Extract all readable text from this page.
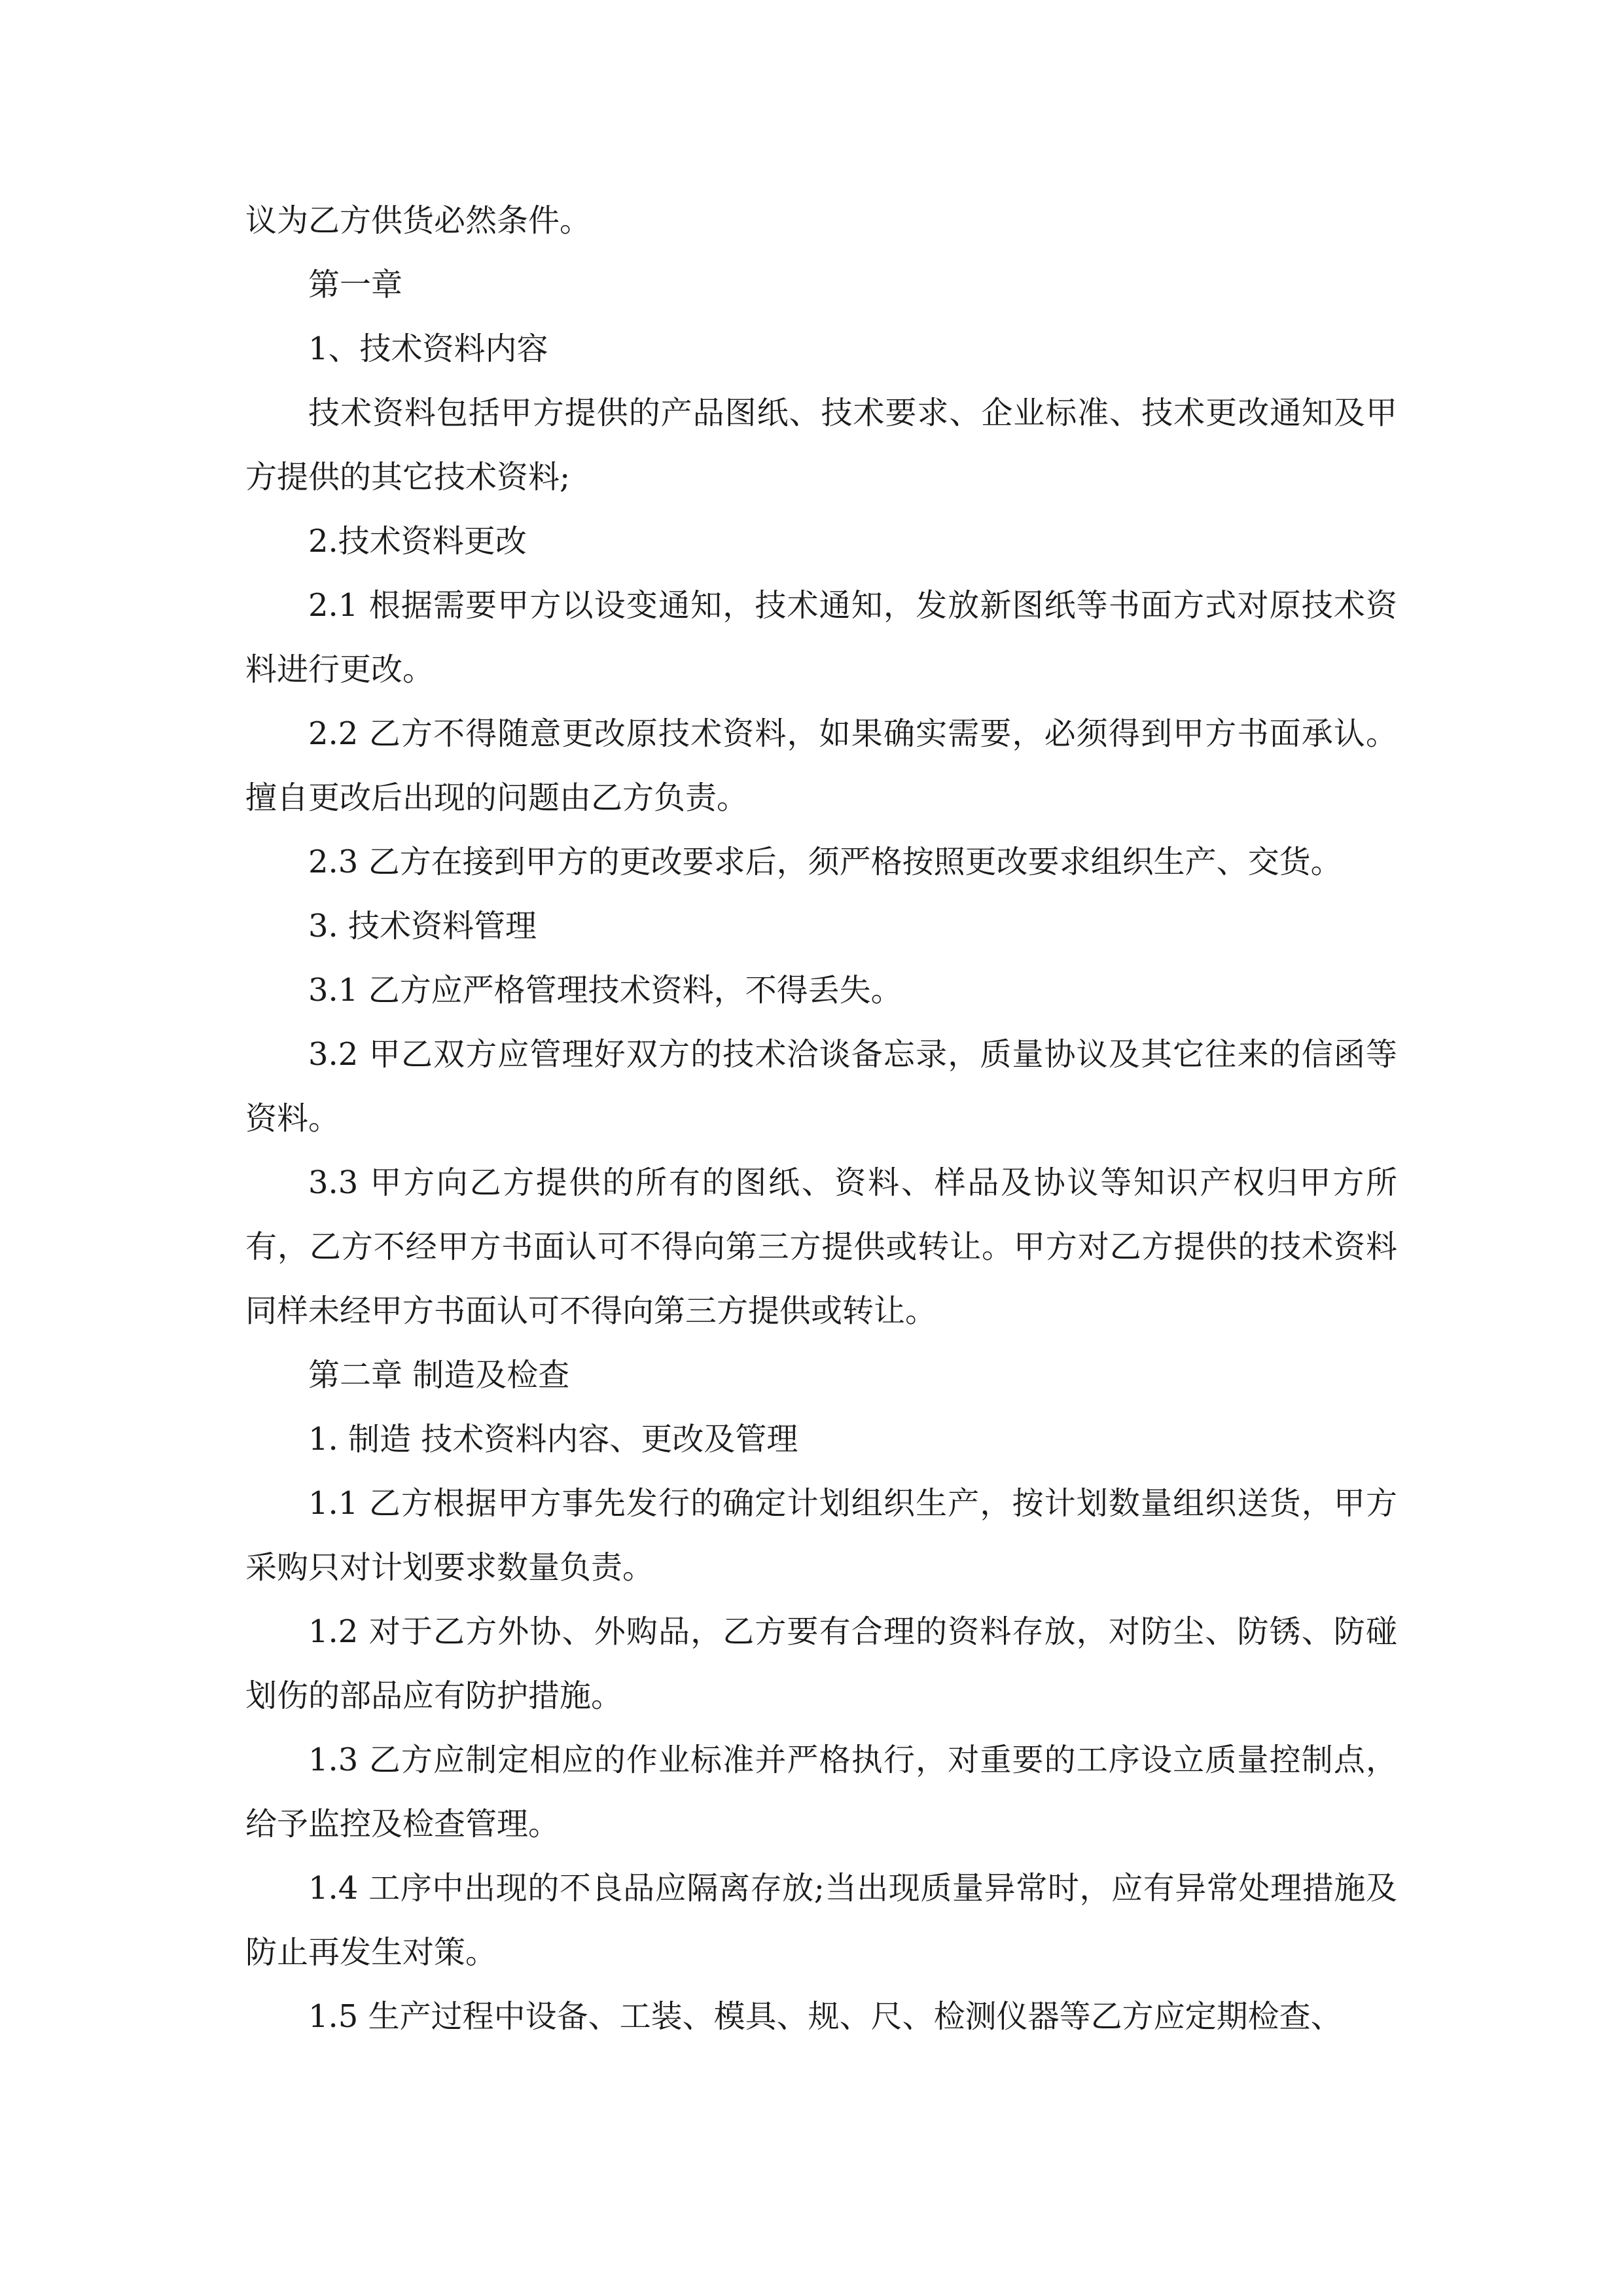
议为乙方供货必然条件。

第一章

1、技术资料内容

技术资料包括甲方提供的产品图纸、技术要求、企业标准、技术更改通知及甲方提供的其它技术资料;

2.技术资料更改

2.1 根据需要甲方以设变通知，技术通知，发放新图纸等书面方式对原技术资料进行更改。

2.2 乙方不得随意更改原技术资料，如果确实需要，必须得到甲方书面承认。擅自更改后出现的问题由乙方负责。

2.3 乙方在接到甲方的更改要求后，须严格按照更改要求组织生产、交货。

3. 技术资料管理

3.1 乙方应严格管理技术资料，不得丢失。

3.2 甲乙双方应管理好双方的技术洽谈备忘录，质量协议及其它往来的信函等资料。

3.3 甲方向乙方提供的所有的图纸、资料、样品及协议等知识产权归甲方所有，乙方不经甲方书面认可不得向第三方提供或转让。甲方对乙方提供的技术资料同样未经甲方书面认可不得向第三方提供或转让。

第二章 制造及检查

1. 制造 技术资料内容、更改及管理

1.1 乙方根据甲方事先发行的确定计划组织生产，按计划数量组织送货，甲方采购只对计划要求数量负责。

1.2 对于乙方外协、外购品，乙方要有合理的资料存放，对防尘、防锈、防碰划伤的部品应有防护措施。

1.3 乙方应制定相应的作业标准并严格执行，对重要的工序设立质量控制点，给予监控及检查管理。

1.4 工序中出现的不良品应隔离存放;当出现质量异常时，应有异常处理措施及防止再发生对策。

1.5 生产过程中设备、工装、模具、规、尺、检测仪器等乙方应定期检查、
